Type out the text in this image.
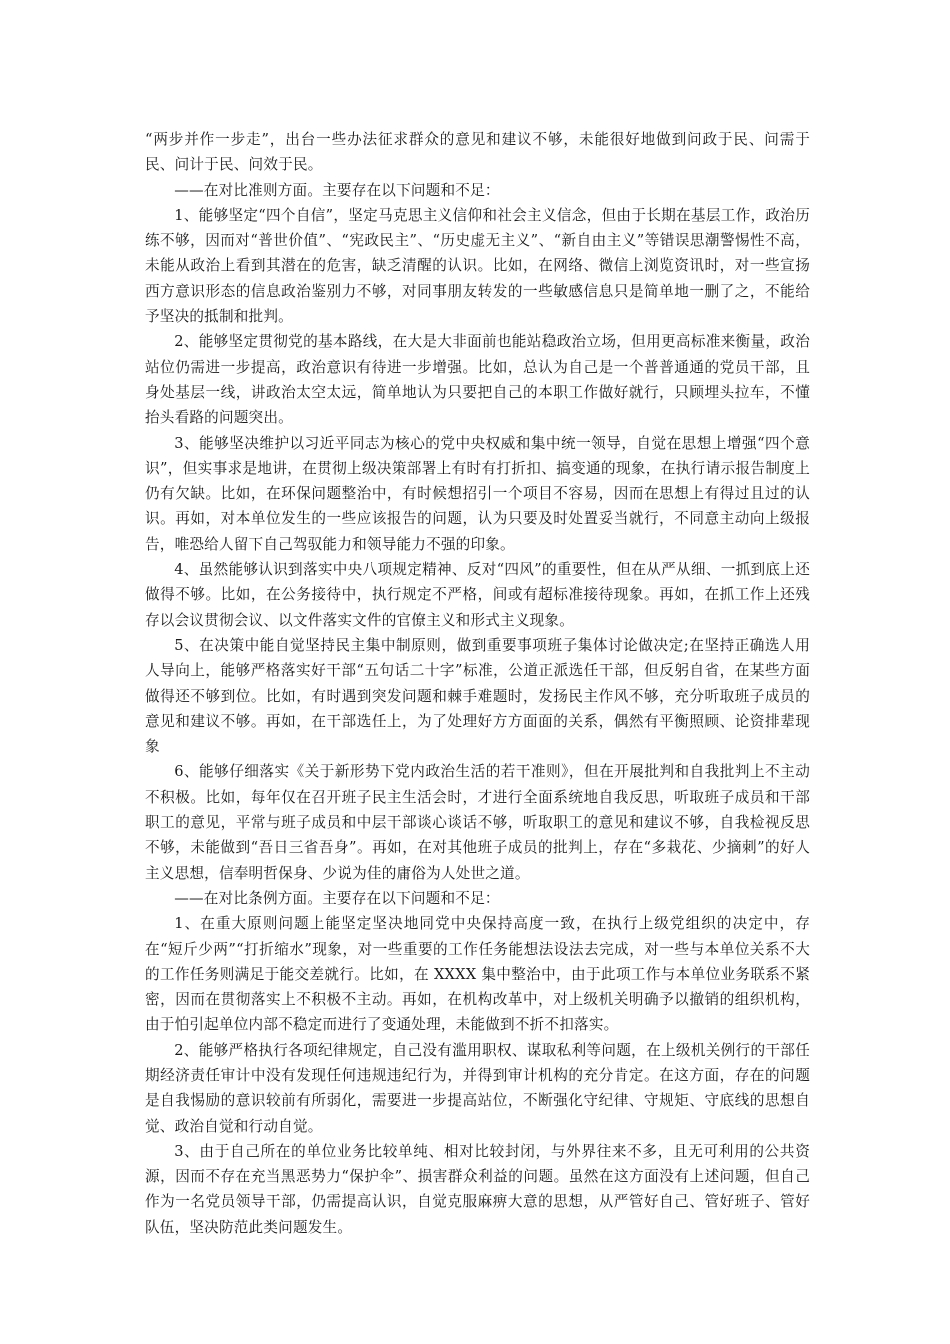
“两步并作一步走”，出台一些办法征求群众的意见和建议不够，未能很好地做到问政于民、问需于民、问计于民、问效于民。

——在对比准则方面。主要存在以下问题和不足：

1、能够坚定“四个自信”，坚定马克思主义信仰和社会主义信念，但由于长期在基层工作，政治历练不够，因而对“普世价值”、“宪政民主”、“历史虚无主义”、“新自由主义”等错误思潮警惕性不高，未能从政治上看到其潜在的危害，缺乏清醒的认识。比如，在网络、微信上浏览资讯时，对一些宣扬西方意识形态的信息政治鉴别力不够，对同事朋友转发的一些敏感信息只是简单地一删了之，不能给予坚决的抵制和批判。

2、能够坚定贯彻党的基本路线，在大是大非面前也能站稳政治立场，但用更高标准来衡量，政治站位仍需进一步提高，政治意识有待进一步增强。比如，总认为自己是一个普普通通的党员干部，且身处基层一线，讲政治太空太远，简单地认为只要把自己的本职工作做好就行，只顾埋头拉车，不懂抬头看路的问题突出。

3、能够坚决维护以习近平同志为核心的党中央权威和集中统一领导，自觉在思想上增强“四个意识”，但实事求是地讲，在贯彻上级决策部署上有时有打折扣、搞变通的现象，在执行请示报告制度上仍有欠缺。比如，在环保问题整治中，有时候想招引一个项目不容易，因而在思想上有得过且过的认识。再如，对本单位发生的一些应该报告的问题，认为只要及时处置妥当就行，不同意主动向上级报告，唯恐给人留下自己驾驭能力和领导能力不强的印象。

4、虽然能够认识到落实中央八项规定精神、反对“四风”的重要性，但在从严从细、一抓到底上还做得不够。比如，在公务接待中，执行规定不严格，间或有超标准接待现象。再如，在抓工作上还残存以会议贯彻会议、以文件落实文件的官僚主义和形式主义现象。

5、在决策中能自觉坚持民主集中制原则，做到重要事项班子集体讨论做决定;在坚持正确选人用人导向上，能够严格落实好干部“五句话二十字”标准，公道正派选任干部，但反躬自省，在某些方面做得还不够到位。比如，有时遇到突发问题和棘手难题时，发扬民主作风不够，充分听取班子成员的意见和建议不够。再如，在干部选任上，为了处理好方方面面的关系，偶然有平衡照顾、论资排辈现象

6、能够仔细落实《关于新形势下党内政治生活的若干准则》，但在开展批判和自我批判上不主动不积极。比如，每年仅在召开班子民主生活会时，才进行全面系统地自我反思，听取班子成员和干部职工的意见，平常与班子成员和中层干部谈心谈话不够，听取职工的意见和建议不够，自我检视反思不够，未能做到“吾日三省吾身”。再如，在对其他班子成员的批判上，存在“多栽花、少摘刺”的好人主义思想，信奉明哲保身、少说为佳的庸俗为人处世之道。

——在对比条例方面。主要存在以下问题和不足：

1、在重大原则问题上能坚定坚决地同党中央保持高度一致，在执行上级党组织的决定中，存在“短斤少两”“打折缩水”现象，对一些重要的工作任务能想法设法去完成，对一些与本单位关系不大的工作任务则满足于能交差就行。比如，在 XXXX 集中整治中，由于此项工作与本单位业务联系不紧密，因而在贯彻落实上不积极不主动。再如，在机构改革中，对上级机关明确予以撤销的组织机构，由于怕引起单位内部不稳定而进行了变通处理，未能做到不折不扣落实。

2、能够严格执行各项纪律规定，自己没有滥用职权、谋取私利等问题，在上级机关例行的干部任期经济责任审计中没有发现任何违规违纪行为，并得到审计机构的充分肯定。在这方面，存在的问题是自我惕励的意识较前有所弱化，需要进一步提高站位，不断强化守纪律、守规矩、守底线的思想自觉、政治自觉和行动自觉。

3、由于自己所在的单位业务比较单纯、相对比较封闭，与外界往来不多，且无可利用的公共资源，因而不存在充当黑恶势力“保护伞”、损害群众利益的问题。虽然在这方面没有上述问题，但自己作为一名党员领导干部，仍需提高认识，自觉克服麻痹大意的思想，从严管好自己、管好班子、管好队伍，坚决防范此类问题发生。
